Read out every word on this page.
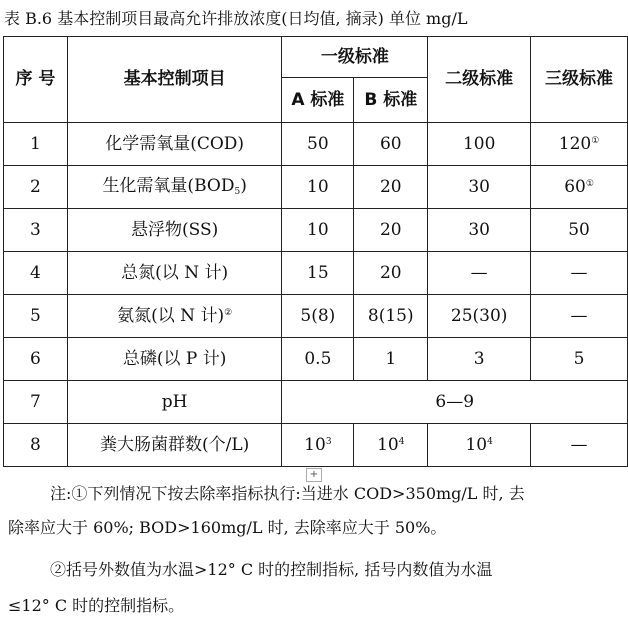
表 B.6 基本控制项目最高允许排放浓度(日均值, 摘录) 单位 mg/L
序 号	基本控制项目	一级标准		二级标准	三级标准
		A 标准	B 标准		
1	化学需氧量(COD)	50	60	100	120①
2	生化需氧量$(BOD_5)$	10	20	30	60①
3	悬浮物(SS)	10	20	30	50
4	总氮(以 N 计)	15	20	—	—
5	氨氮(以 N 计)②	5(8)	8(15)	25(30)	—
6	总磷(以 P 计)	0.5	1	3	5
7	pH	6—9			
8	粪大肠菌群数(个/L)	$10^3$	$10^4$	$10^4$	—
+
注:①下列情况下按去除率指标执行:当进水 COD>350mg/L 时, 去
除率应大于 60%; BOD>160mg/L 时, 去除率应大于 50%。
②括号外数值为水温>12° C 时的控制指标, 括号内数值为水温
≤12° C 时的控制指标。
